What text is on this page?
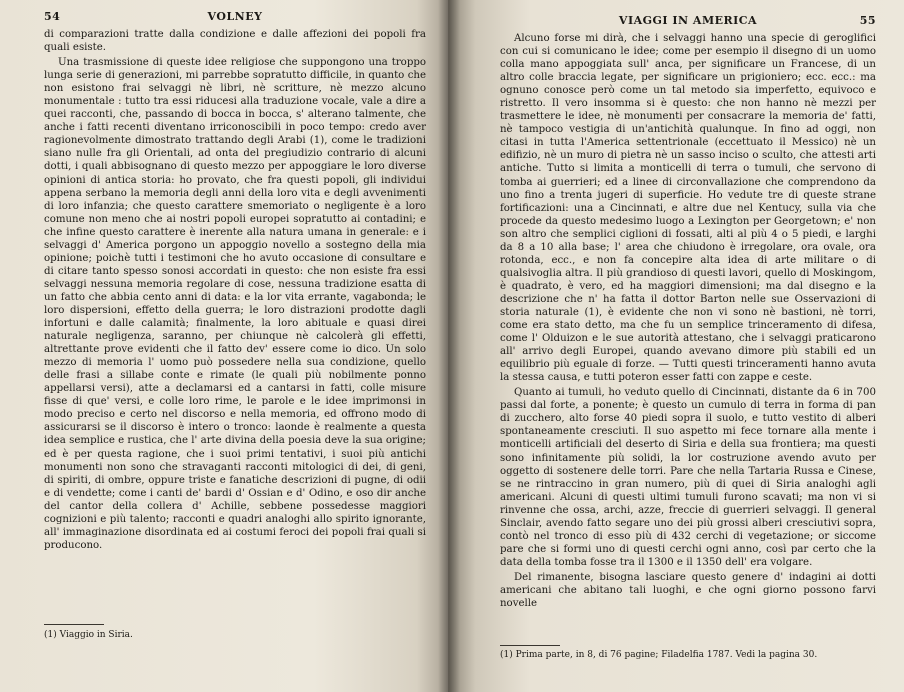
54	VOLNEY

di comparazioni tratte dalla condizione e dalle affezioni dei popoli fra quali esiste.

Una trasmissione di queste idee religiose che suppongono una troppo lunga serie di generazioni, mi parrebbe sopratutto difficile, in quanto che non esistono frai selvaggi nè libri, nè scritture, nè mezzo alcuno monumentale : tutto tra essi riducesi alla traduzione vocale, vale a dire a quei racconti, che, passando di bocca in bocca, s' alterano talmente, che anche i fatti recenti diventano irriconoscibili in poco tempo: credo aver ragionevolmente dimostrato trattando degli Arabi (1), come le tradizioni siano nulle fra gli Orientali, ad onta del pregiudizio contrario di alcuni dotti, i quali abbisognano di questo mezzo per appoggiare le loro diverse opinioni di antica storia: ho provato, che fra questi popoli, gli individui appena serbano la memoria degli anni della loro vita e degli avvenimenti di loro infanzia; che questo carattere smemoriato o negligente è a loro comune non meno che ai nostri popoli europei sopratutto ai contadini; e che infine questo carattere è inerente alla natura umana in generale: e i selvaggi d' America porgono un appoggio novello a sostegno della mia opinione; poichè tutti i testimoni che ho avuto occasione di consultare e di citare tanto spesso sonosi accordati in questo: che non esiste fra essi selvaggi nessuna memoria regolare di cose, nessuna tradizione esatta di un fatto che abbia cento anni di data: e la lor vita errante, vagabonda; le loro dispersioni, effetto della guerra; le loro distrazioni prodotte dagli infortuni e dalle calamità; finalmente, la loro abituale e quasi direi naturale negligenza, saranno, per chiunque nè calcolerà gli effetti, altrettante prove evidenti che il fatto dev' essere come io dico. Un solo mezzo di memoria l' uomo può possedere nella sua condizione, quello delle frasi a sillabe conte e rimate (le quali più nobilmente ponno appellarsi versi), atte a declamarsi ed a cantarsi in fatti, colle misure fisse di que' versi, e colle loro rime, le parole e le idee imprimonsi in modo preciso e certo nel discorso e nella memoria, ed offrono modo di assicurarsi se il discorso è intero o tronco: laonde è realmente a questa idea semplice e rustica, che l' arte divina della poesia deve la sua origine; ed è per questa ragione, che i suoi primi tentativi, i suoi più antichi monumenti non sono che stravaganti racconti mitologici di dei, di geni, di spiriti, di ombre, oppure triste e fanatiche descrizioni di pugne, di odii e di vendette; come i canti de' bardi d' Ossian e d' Odino, e oso dir anche del cantor della collera d' Achille, sebbene possedesse maggiori cognizioni e più talento; racconti e quadri analoghi allo spirito ignorante, all' immaginazione disordinata ed ai costumi feroci dei popoli frai quali si producono.

(1) Viaggio in Siria.
VIAGGI IN AMERICA	55

Alcuno forse mi dirà, che i selvaggi hanno una specie di geroglifici con cui si comunicano le idee; come per esempio il disegno di un uomo colla mano appoggiata sull' anca, per significare un Francese, di un altro colle braccia legate, per significare un prigioniero; ecc. ecc.: ma ognuno conosce però come un tal metodo sia imperfetto, equivoco e ristretto. Il vero insomma si è questo: che non hanno nè mezzi per trasmettere le idee, nè monumenti per consacrare la memoria de' fatti, nè tampoco vestigia di un'antichità qualunque. In fino ad oggi, non citasi in tutta l'America settentrionale (eccettuato il Messico) nè un edifizio, nè un muro di pietra nè un sasso inciso o sculto, che attesti arti antiche. Tutto si limita a monticelli di terra o tumuli, che servono di tomba ai guerrieri; ed a linee di circonvallazione che comprendono da uno fino a trenta jugeri di superficie. Ho vedute tre di queste strane fortificazioni: una a Cincinnati, e altre due nel Kentucy, sulla via che procede da questo medesimo luogo a Lexington per Georgetown; e' non son altro che semplici ciglioni di fossati, alti al più 4 o 5 piedi, e larghi da 8 a 10 alla base; l' area che chiudono è irregolare, ora ovale, ora rotonda, ecc., e non fa concepire alta idea di arte militare o di qualsivoglia altra. Il più grandioso di questi lavori, quello di Moskingom, è quadrato, è vero, ed ha maggiori dimensioni; ma dal disegno e la descrizione che n' ha fatta il dottor Barton nelle sue Osservazioni di storia naturale (1), è evidente che non vi sono nè bastioni, nè torri, come era stato detto, ma che fu un semplice trinceramento di difesa, come l' Olduizon e le sue autorità attestano, che i selvaggi praticarono all' arrivo degli Europei, quando avevano dimore più stabili ed un equilibrio più eguale di forze. — Tutti questi trinceramenti hanno avuta la stessa causa, e tutti poteron esser fatti con zappe e ceste.

Quanto ai tumuli, ho veduto quello di Cincinnati, distante da 6 in 700 passi dal forte, a ponente; è questo un cumulo di terra in forma di pan di zucchero, alto forse 40 piedi sopra il suolo, e tutto vestito di alberi spontaneamente cresciuti. Il suo aspetto mi fece tornare alla mente i monticelli artificiali del deserto di Siria e della sua frontiera; ma questi sono infinitamente più solidi, la lor costruzione avendo avuto per oggetto di sostenere delle torri. Pare che nella Tartaria Russa e Cinese, se ne rintraccino in gran numero, più di quei di Siria analoghi agli americani. Alcuni di questi ultimi tumuli furono scavati; ma non vi si rinvenne che ossa, archi, azze, freccie di guerrieri selvaggi. Il general Sinclair, avendo fatto segare uno dei più grossi alberi cresciutivi sopra, contò nel tronco di esso più di 432 cerchi di vegetazione; or siccome pare che si formi uno di questi cerchi ogni anno, così par certo che la data della tomba fosse tra il 1300 e il 1350 dell' era volgare.

Del rimanente, bisogna lasciare questo genere d' indagini ai dotti americani che abitano tali luoghi, e che ogni giorno possono farvi novelle

(1) Prima parte, in 8, di 76 pagine; Filadelfia 1787. Vedi la pagina 30.
